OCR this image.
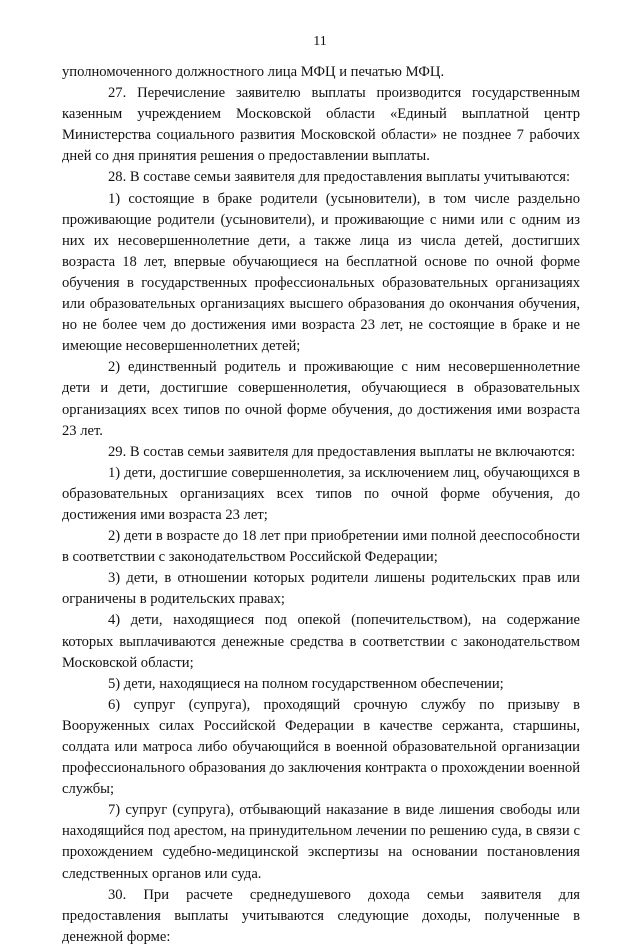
11

уполномоченного должностного лица МФЦ и печатью МФЦ.

27. Перечисление заявителю выплаты производится государственным казенным учреждением Московской области «Единый выплатной центр Министерства социального развития Московской области» не позднее 7 рабочих дней со дня принятия решения о предоставлении выплаты.

28. В составе семьи заявителя для предоставления выплаты учитываются:

1) состоящие в браке родители (усыновители), в том числе раздельно проживающие родители (усыновители), и проживающие с ними или с одним из них их несовершеннолетние дети, а также лица из числа детей, достигших возраста 18 лет, впервые обучающиеся на бесплатной основе по очной форме обучения в государственных профессиональных образовательных организациях или образовательных организациях высшего образования до окончания обучения, но не более чем до достижения ими возраста 23 лет, не состоящие в браке и не имеющие несовершеннолетних детей;

2) единственный родитель и проживающие с ним несовершеннолетние дети и дети, достигшие совершеннолетия, обучающиеся в образовательных организациях всех типов по очной форме обучения, до достижения ими возраста 23 лет.

29. В состав семьи заявителя для предоставления выплаты не включаются:

1) дети, достигшие совершеннолетия, за исключением лиц, обучающихся в образовательных организациях всех типов по очной форме обучения, до достижения ими возраста 23 лет;

2) дети в возрасте до 18 лет при приобретении ими полной дееспособности в соответствии с законодательством Российской Федерации;

3) дети, в отношении которых родители лишены родительских прав или ограничены в родительских правах;

4) дети, находящиеся под опекой (попечительством), на содержание которых выплачиваются денежные средства в соответствии с законодательством Московской области;

5) дети, находящиеся на полном государственном обеспечении;

6) супруг (супруга), проходящий срочную службу по призыву в Вооруженных силах Российской Федерации в качестве сержанта, старшины, солдата или матроса либо обучающийся в военной образовательной организации профессионального образования до заключения контракта о прохождении военной службы;

7) супруг (супруга), отбывающий наказание в виде лишения свободы или находящийся под арестом, на принудительном лечении по решению суда, в связи с прохождением судебно-медицинской экспертизы на основании постановления следственных органов или суда.

30. При расчете среднедушевого дохода семьи заявителя для предоставления выплаты учитываются следующие доходы, полученные в денежной форме:
